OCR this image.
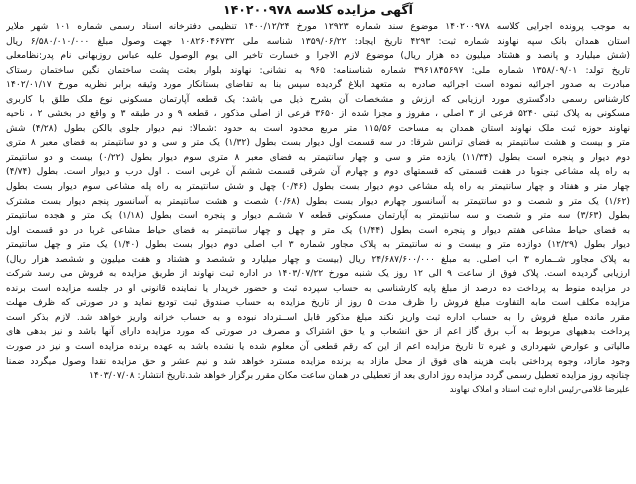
آگهی مزایده کلاسه ۱۴۰۲۰۰۹۷۸
به موجب پرونده اجرایی کلاسه ۱۴۰۲۰۰۹۷۸ موضوع سند شماره ۱۲۹۲۳ مورخ ۱۴۰۰/۱۲/۲۴ تنظیمی دفترخانه اسناد رسمی شماره ۱۰۱ شهر ملایر
استان همدان بانک سپه نهاوند شماره ثبت: ۴۲۹۳ تاریخ ایجاد: ۱۳۵۹/۰۶/۲۲ شناسه ملی ۱۰۸۲۶۰۴۶۷۳۲ جهت وصول مبلغ ۶/۵۸۰/۰۱۰/۰۰۰ ریال
(شش میلیارد و پانصد و هشتاد میلیون ده هزار ریال) موضوع لازم الاجرا و خسارت تاخیر الی یوم الوصول علیه عباس روزبهانی نام پدر:نظامعلی
تاریخ تولد: ۱۳۵۸/۰۹/۰۱ شماره ملی: ۳۹۶۱۸۴۵۶۹۷ شماره شناسنامه: ۹۶۵ به نشانی: نهاوند بلوار بعثت پشت ساختمان نگین ساختمان رستاک
مبادرت به صدور اجرائیه نموده است اجرائیه صادره به متعهد ابلاغ گردیده سپس بنا به تقاضای بستانکار مورد وثیقه برابر نظریه مورخ ۱۴۰۲/۰۱/۱۷
کارشناس رسمی دادگستری مورد ارزیابی که ارزش و مشخصات آن بشرح ذیل می باشد: یک قطعه آپارتمان مسکونی نوع ملک طلق با کاربری
مسکونی به پلاک ثبتی ۵۲۴۰ فرعی از ۳ اصلی ، مفروز و مجزا شده از ۳۶۵۰ فرعی از اصلی مذکور ، قطعه ۹ و در طبقه ۳ و واقع در بخشی ۲ ، ناحیه
نهاوند حوزه ثبت ملک نهاوند استان همدان به مساحت ۱۱۵/۵۶ متر مربع محدود است به حدود :شمالا: نیم دیوار جلوی بالکن بطول (۴/۲۸) شش
متر و بیست و هشت سانتیمتر به فضای ترانس شرقا: در سه قسمت اول دیوار بست بطول (۱/۳۲) یک متر و سی و دو سانتیمتر به فضای معبر ۸ متری
دوم دیوار و پنجره است بطول (۱۱/۳۴) یازده متر و سی و چهار سانتیمتر به فضای معبر ۸ متری سوم دیوار بطول (۰/۲۲) بیست و دو سانتیمتر
به راه پله مشاعی جنوبا در هفت قسمتی که قسمتهای دوم و چهارم آن شرقی قسمت ششم آن غربی است . اول درب و دیوار است. بطول (۴/۷۴)
چهار متر و هفتاد و چهار سانتیمتر به راه پله مشاعی دوم دیوار بست بطول (۰/۴۶) چهل و شش سانتیمتر به راه پله مشاعی سوم دیوار بست بطول
(۱/۶۲) یک متر و شصت و دو سانتیمتر به آسانسور چهارم دیوار بست بطول (۰/۶۸) شصت و هشت سانتیمتر به آسانسور پنجم دیوار بست مشترک
بطول (۳/۶۳) سه متر و شصت و سه سانتیمتر به آپارتمان مسکونی قطعه ۷ ششـم دیوار و پنجره است بطول (۱/۱۸) یک متر و هجده سانتیمتر
به فضای حیاط مشاعی هفتم دیوار و پنجره است بطول (۱/۴۴) یک متر و چهل و چهار سانتیمتر به فضای حیاط مشاعی غربا در دو قسمت اول
دیوار بطول (۱۲/۲۹) دوازده متر و بیست و نه سانتیمتر به پلاک مجاور شماره ۳ اب اصلی دوم دیوار بست بطول (۱/۴۰) یک متر و چهل سانتیمتر
به پلاک مجاور شــماره ۳ اب اصلی. به مبلغ ۲۴/۶۸۷/۶۰۰/۰۰۰ ریال (بیست و چهار میلیارد و ششصد و هشتاد و هفت میلیون و ششصد هزار ریال)
ارزیابی گردیده است. پلاک فوق از ساعت ۹ الی ۱۲ روز یک شنبه مورخ ۱۴۰۳/۰۷/۲۲ در اداره ثبت نهاوند از طریق مزایده به فروش می رسد شرکت
در مزایده منوط به پرداخت ده درصد از مبلغ پایه کارشناسی به حساب سپرده ثبت و حضور خریدار یا نماینده قانونی او در جلسه مزایده است برنده
مزایده مکلف است مابه التفاوت مبلغ فروش را ظرف مدت ۵ روز از تاریخ مزایده به حساب صندوق ثبت تودیع نماید و در صورتی که ظرف مهلت
مقرر مانده مبلغ فروش را به حساب اداره ثبت واریز نکند مبلغ مذکور قابل اســترداد نبوده و به حساب خزانه واریز خواهد شد. لازم بذکر است
پرداخت بدهیهای مربوط به آب برق گاز اعم از حق انشعاب و یا حق اشتراک و مصرف در صورتی که مورد مزایده دارای آنها باشد و نیز بدهی های
مالیاتی و عوارض شهرداری و غیره تا تاریخ مزایده اعم از این که رقم قطعی آن معلوم شده یا نشده باشد به عهده برنده مزایده است و نیز در صورت
وجود مازاد، وجوه پرداختی بابت هزینه های فوق از محل مازاد به برنده مزایده مسترد خواهد شد و نیم عشر و حق مزایده نقدا وصول میگردد ضمنا
چنانچه روز مزایده تعطیل رسمی گردد مزایده روز اداری بعد از تعطیلی در همان ساعت مکان مقرر برگزار خواهد شد.تاریخ انتشار: ۱۴۰۳/۰۷/۰۸
علیرضا غلامی-رئیس اداره ثبت اسناد و املاک نهاوند
